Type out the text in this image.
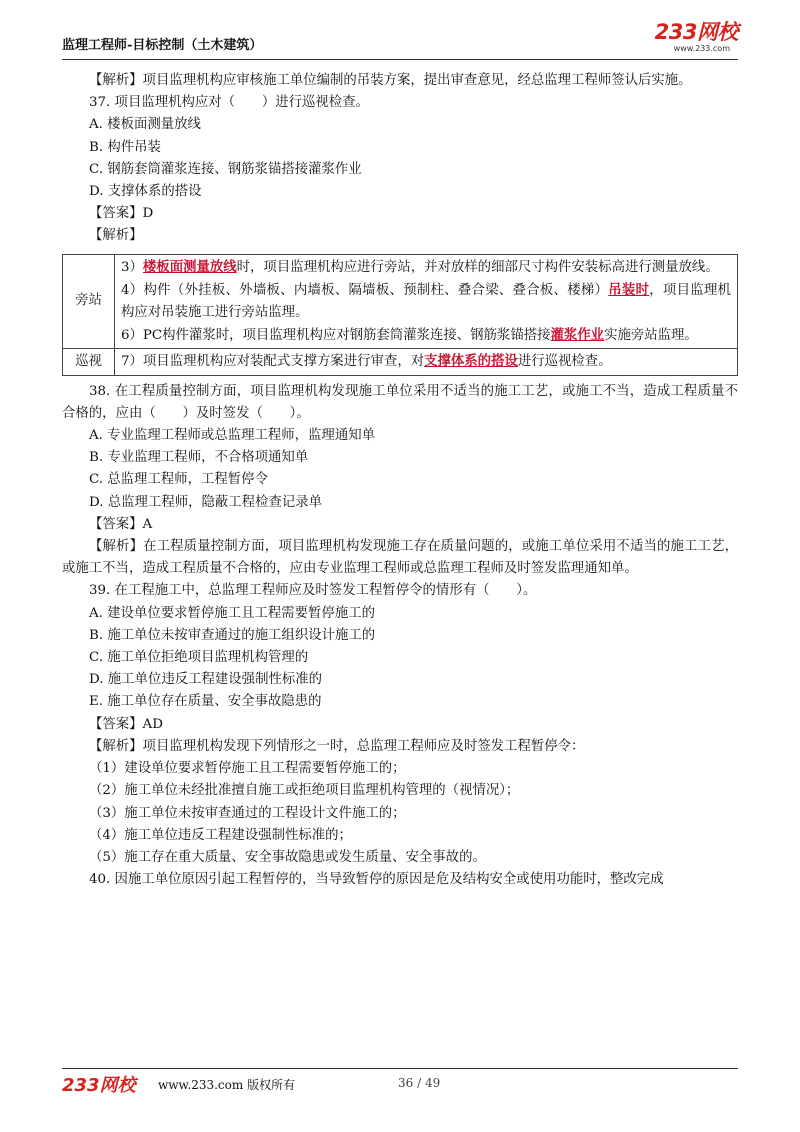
监理工程师-目标控制（土木建筑）
233网校
www.233.com
【解析】项目监理机构应审核施工单位编制的吊装方案，提出审查意见，经总监理工程师签认后实施。
37. 项目监理机构应对（　　）进行巡视检查。
A. 楼板面测量放线
B. 构件吊装
C. 钢筋套筒灌浆连接、钢筋浆锚搭接灌浆作业
D. 支撑体系的搭设
【答案】D
【解析】
旁站	3）楼板面测量放线时，项目监理机构应进行旁站，并对放样的细部尺寸构件安装标高进行测量放线。
4）构件（外挂板、外墙板、内墙板、隔墙板、预制柱、叠合梁、叠合板、楼梯）吊装时，项目监理机构应对吊装施工进行旁站监理。
6）PC构件灌浆时，项目监理机构应对钢筋套筒灌浆连接、钢筋浆锚搭接灌浆作业实施旁站监理。

巡视	7）项目监理机构应对装配式支撑方案进行审查，对支撑体系的搭设进行巡视检查。
38. 在工程质量控制方面，项目监理机构发现施工单位采用不适当的施工工艺，或施工不当，造成工程质量不合格的，应由（　　）及时签发（　　）。
A. 专业监理工程师或总监理工程师，监理通知单
B. 专业监理工程师，不合格项通知单
C. 总监理工程师，工程暂停令
D. 总监理工程师，隐蔽工程检查记录单
【答案】A
【解析】在工程质量控制方面，项目监理机构发现施工存在质量问题的，或施工单位采用不适当的施工工艺，或施工不当，造成工程质量不合格的，应由专业监理工程师或总监理工程师及时签发监理通知单。
39. 在工程施工中，总监理工程师应及时签发工程暂停令的情形有（　　）。
A. 建设单位要求暂停施工且工程需要暂停施工的
B. 施工单位未按审查通过的施工组织设计施工的
C. 施工单位拒绝项目监理机构管理的
D. 施工单位违反工程建设强制性标准的
E. 施工单位存在质量、安全事故隐患的
【答案】AD
【解析】项目监理机构发现下列情形之一时，总监理工程师应及时签发工程暂停令：
（1）建设单位要求暂停施工且工程需要暂停施工的；
（2）施工单位未经批准擅自施工或拒绝项目监理机构管理的（视情况）；
（3）施工单位未按审查通过的工程设计文件施工的；
（4）施工单位违反工程建设强制性标准的；
（5）施工存在重大质量、安全事故隐患或发生质量、安全事故的。
40. 因施工单位原因引起工程暂停的，当导致暂停的原因是危及结构安全或使用功能时，整改完成
233网校 www.233.com 版权所有	36 / 49
